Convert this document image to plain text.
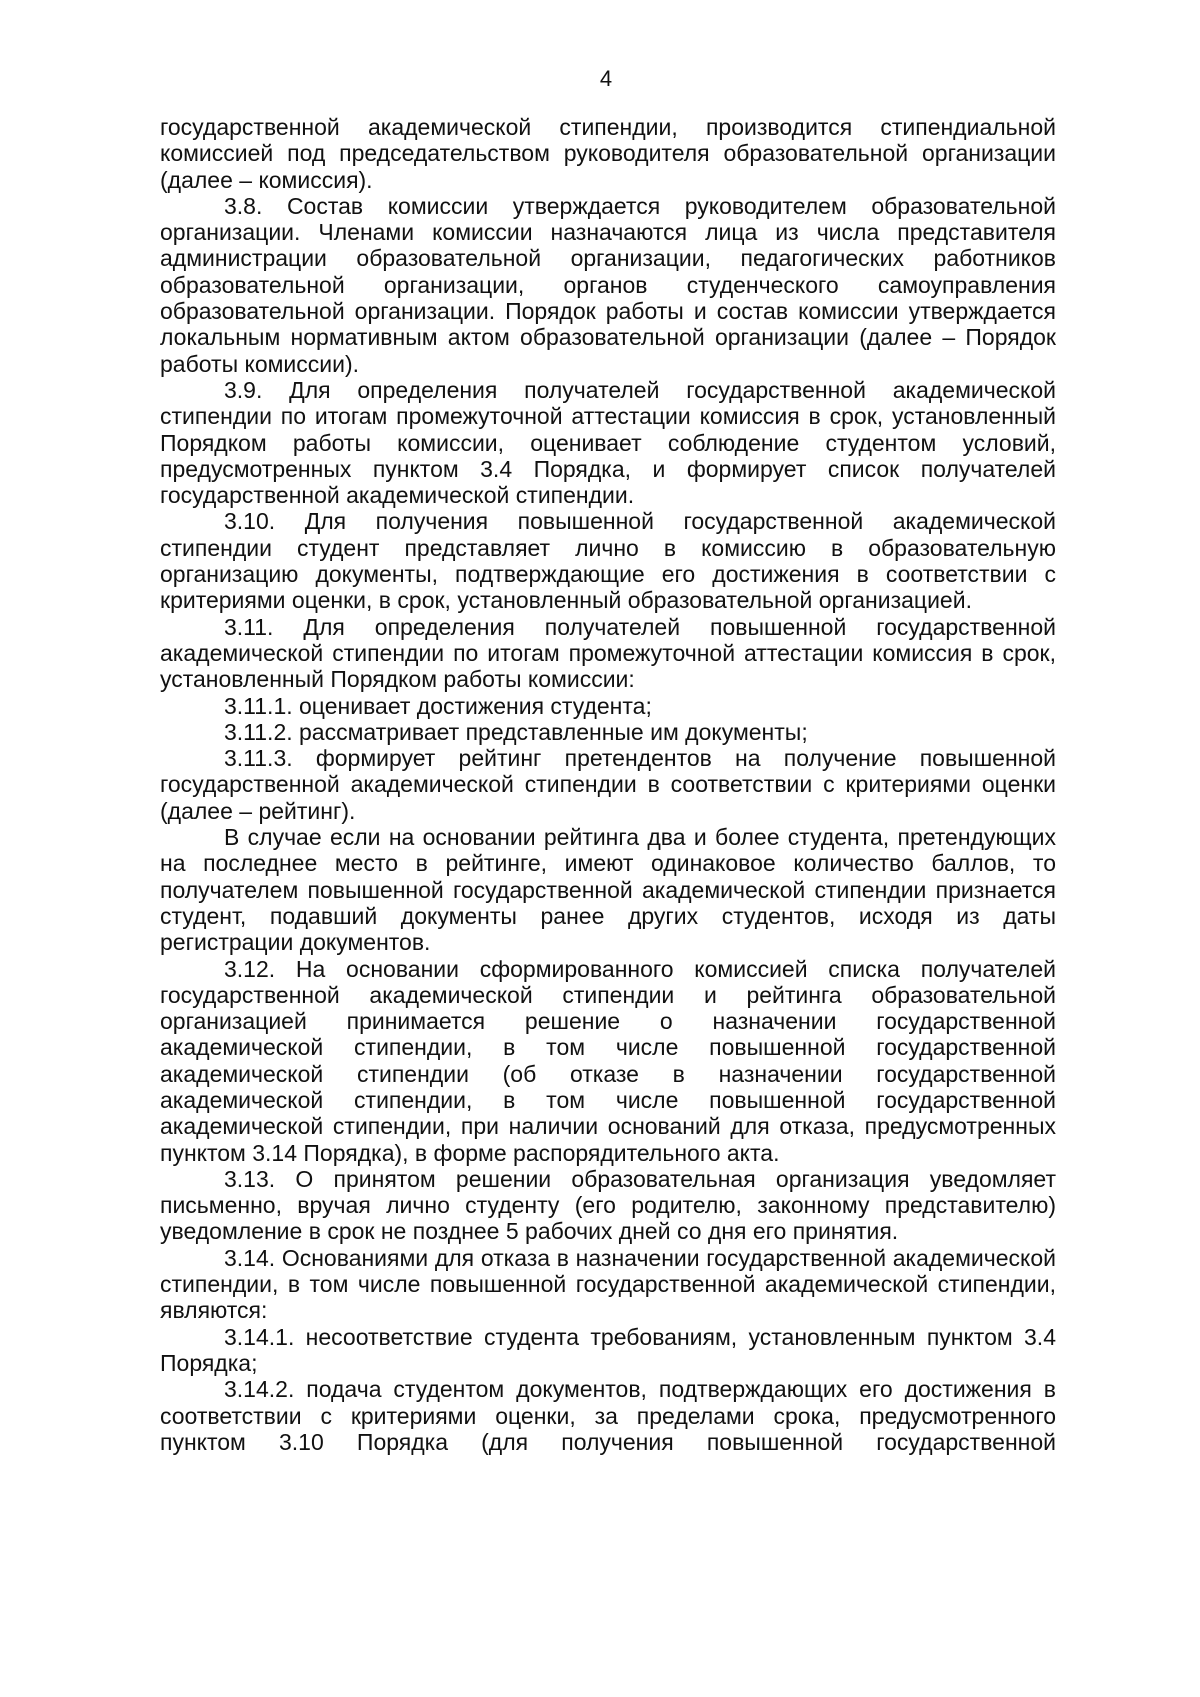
4

государственной академической стипендии, производится стипендиальной комиссией под председательством руководителя образовательной организации (далее – комиссия).

3.8. Состав комиссии утверждается руководителем образовательной организации. Членами комиссии назначаются лица из числа представителя администрации образовательной организации, педагогических работников образовательной организации, органов студенческого самоуправления образовательной организации. Порядок работы и состав комиссии утверждается локальным нормативным актом образовательной организации (далее – Порядок работы комиссии).

3.9. Для определения получателей государственной академической стипендии по итогам промежуточной аттестации комиссия в срок, установленный Порядком работы комиссии, оценивает соблюдение студентом условий, предусмотренных пунктом 3.4 Порядка, и формирует список получателей государственной академической стипендии.

3.10. Для получения повышенной государственной академической стипендии студент представляет лично в комиссию в образовательную организацию документы, подтверждающие его достижения в соответствии с критериями оценки, в срок, установленный образовательной организацией.

3.11. Для определения получателей повышенной государственной академической стипендии по итогам промежуточной аттестации комиссия в срок, установленный Порядком работы комиссии:

3.11.1. оценивает достижения студента;

3.11.2. рассматривает представленные им документы;

3.11.3. формирует рейтинг претендентов на получение повышенной государственной академической стипендии в соответствии с критериями оценки (далее – рейтинг).

В случае если на основании рейтинга два и более студента, претендующих на последнее место в рейтинге, имеют одинаковое количество баллов, то получателем повышенной государственной академической стипендии признается студент, подавший документы ранее других студентов, исходя из даты регистрации документов.

3.12. На основании сформированного комиссией списка получателей государственной академической стипендии и рейтинга образовательной организацией принимается решение о назначении государственной академической стипендии, в том числе повышенной государственной академической стипендии (об отказе в назначении государственной академической стипендии, в том числе повышенной государственной академической стипендии, при наличии оснований для отказа, предусмотренных пунктом 3.14 Порядка), в форме распорядительного акта.

3.13. О принятом решении образовательная организация уведомляет письменно, вручая лично студенту (его родителю, законному представителю) уведомление в срок не позднее 5 рабочих дней со дня его принятия.

3.14. Основаниями для отказа в назначении государственной академической стипендии, в том числе повышенной государственной академической стипендии, являются:

3.14.1. несоответствие студента требованиям, установленным пунктом 3.4 Порядка;

3.14.2. подача студентом документов, подтверждающих его достижения в соответствии с критериями оценки, за пределами срока, предусмотренного пунктом 3.10 Порядка (для получения повышенной государственной
